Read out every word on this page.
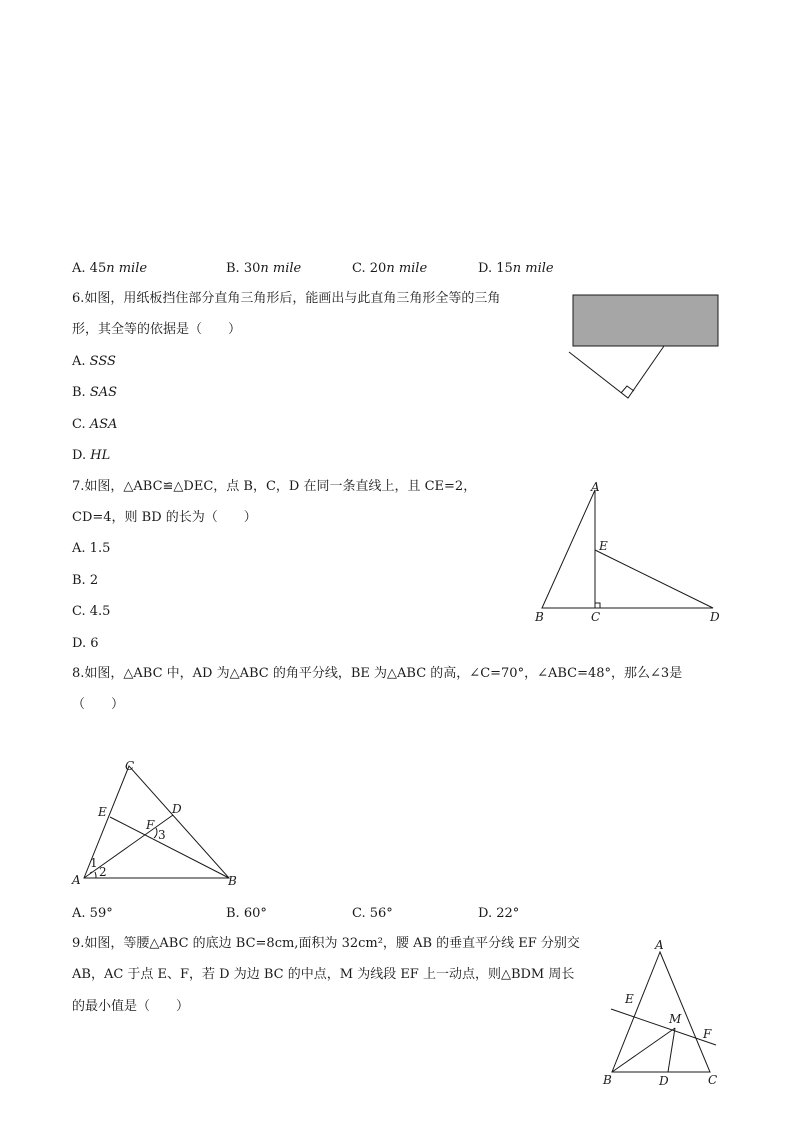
A. 45n mile	B. 30n mile	C. 20n mile	D. 15n mile
6.如图，用纸板挡住部分直角三角形后，能画出与此直角三角形全等的三角
形，其全等的依据是（　　）
A. SSS
B. SAS
C. ASA
D. HL
7.如图，△ABC≌△DEC，点 B，C，D 在同一条直线上，且 CE=2，
CD=4，则 BD 的长为（　　）
A. 1.5
B. 2
C. 4.5
D. 6
A
E
B	C	D
8.如图，△ABC 中，AD 为△ABC 的角平分线，BE 为△ABC 的高，∠C=70°，∠ABC=48°，那么∠3是
（　　）
C
E	D
F
3
1
2
A	B
A. 59°	B. 60°	C. 56°	D. 22°
9.如图，等腰△ABC 的底边 BC=8cm,面积为 32cm²，腰 AB 的垂直平分线 EF 分别交
AB，AC 于点 E、F，若 D 为边 BC 的中点，M 为线段 EF 上一动点，则△BDM 周长
的最小值是（　　）
A
E
M
F
B	D	C
